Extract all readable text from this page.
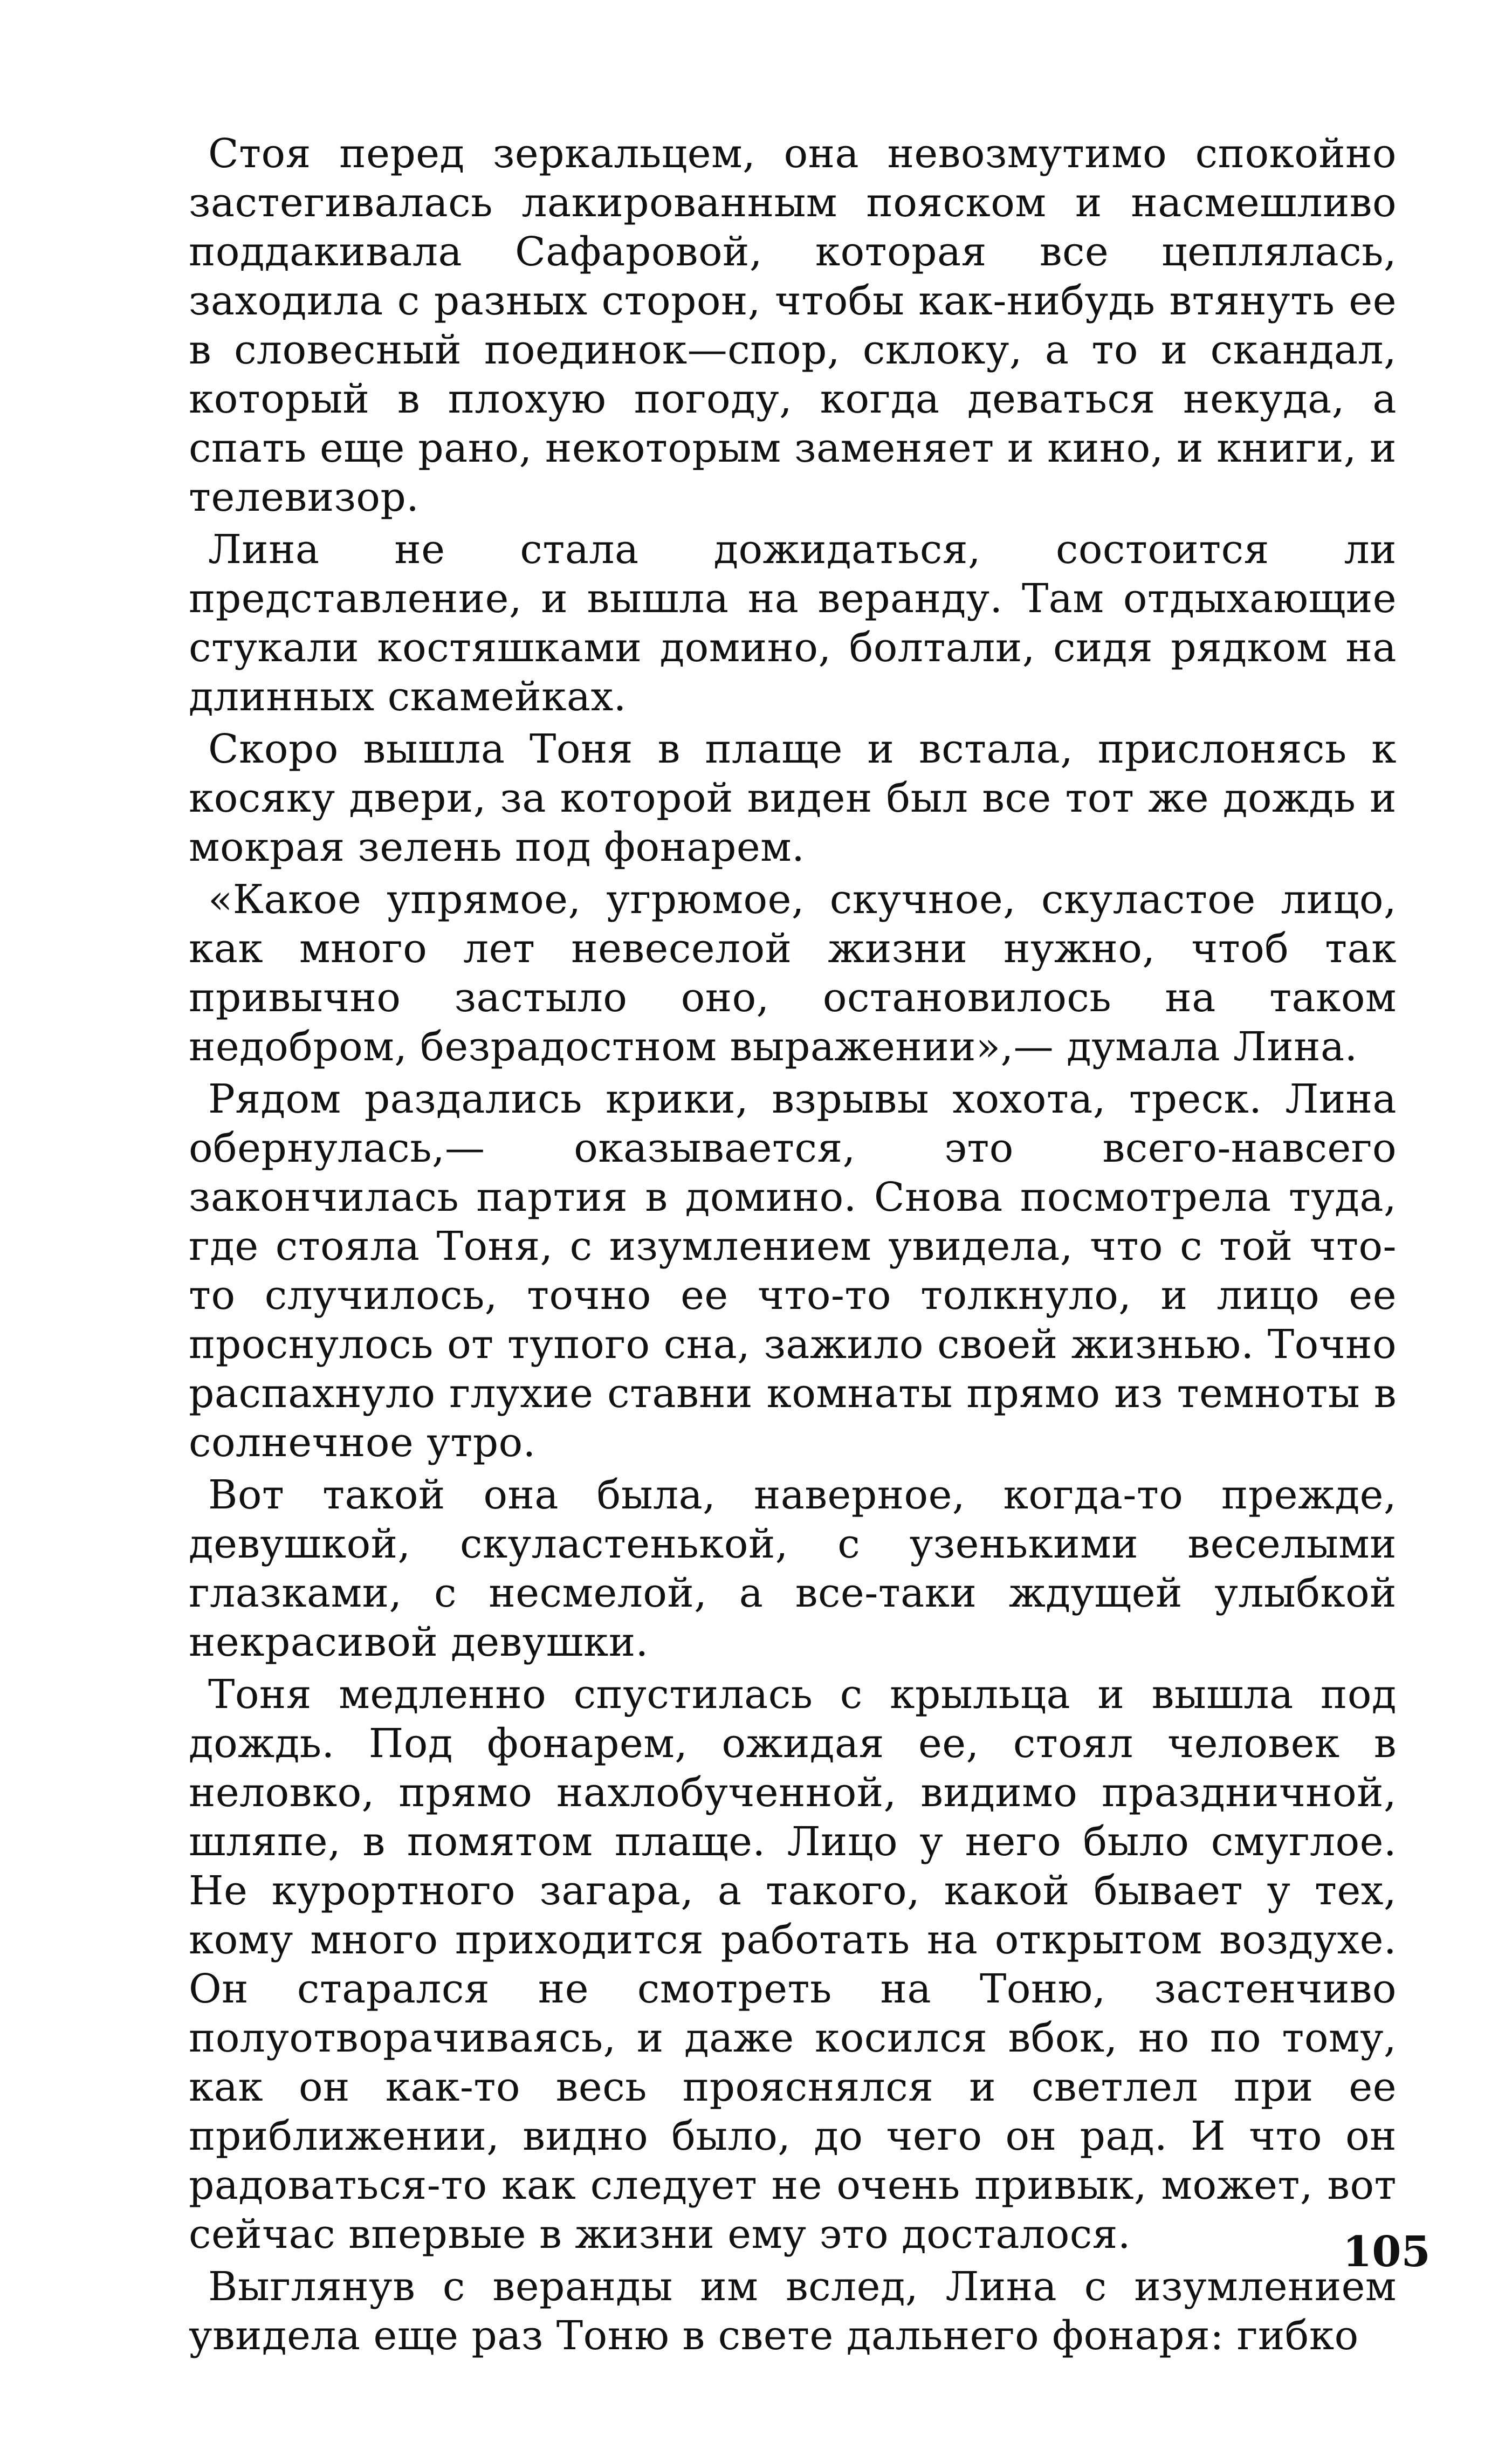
Стоя перед зеркальцем, она невозмутимо спокойно застегивалась лакированным пояском и насмешливо поддакивала Сафаровой, которая все цеплялась, заходила с разных сторон, чтобы как-нибудь втянуть ее в словесный поединок—спор, склоку, а то и скандал, который в плохую погоду, когда деваться некуда, а спать еще рано, некоторым заменяет и кино, и книги, и телевизор.

Лина не стала дожидаться, состоится ли представление, и вышла на веранду. Там отдыхающие стукали костяшками домино, болтали, сидя рядком на длинных скамейках.

Скоро вышла Тоня в плаще и встала, прислонясь к косяку двери, за которой виден был все тот же дождь и мокрая зелень под фонарем.

«Какое упрямое, угрюмое, скучное, скуластое лицо, как много лет невеселой жизни нужно, чтоб так привычно застыло оно, остановилось на таком недобром, безрадостном выражении»,— думала Лина.

Рядом раздались крики, взрывы хохота, треск. Лина обернулась,— оказывается, это всего-навсего закончилась партия в домино. Снова посмотрела туда, где стояла Тоня, с изумлением увидела, что с той что-то случилось, точно ее что-то толкнуло, и лицо ее проснулось от тупого сна, зажило своей жизнью. Точно распахнуло глухие ставни комнаты прямо из темноты в солнечное утро.

Вот такой она была, наверное, когда-то прежде, девушкой, скуластенькой, с узенькими веселыми глазками, с несмелой, а все-таки ждущей улыбкой некрасивой девушки.

Тоня медленно спустилась с крыльца и вышла под дождь. Под фонарем, ожидая ее, стоял человек в неловко, прямо нахлобученной, видимо праздничной, шляпе, в помятом плаще. Лицо у него было смуглое. Не курортного загара, а такого, какой бывает у тех, кому много приходится работать на открытом воздухе. Он старался не смотреть на Тоню, застенчиво полуотворачиваясь, и даже косился вбок, но по тому, как он как-то весь прояснялся и светлел при ее приближении, видно было, до чего он рад. И что он радоваться-то как следует не очень привык, может, вот сейчас впервые в жизни ему это досталося.

Выглянув с веранды им вслед, Лина с изумлением увидела еще раз Тоню в свете дальнего фонаря: гибко

105
